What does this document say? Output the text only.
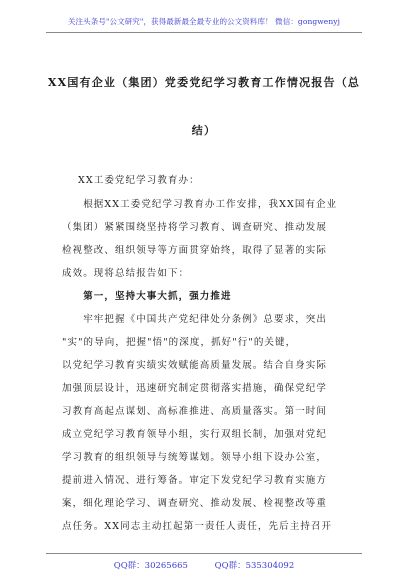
关注头条号"公文研究"，获得最新最全最专业的公文资料库！ 微信：gongwenyj
XX国有企业（集团）党委党纪学习教育工作情况报告（总
结）
XX工委党纪学习教育办：
　　根据XX工委党纪学习教育办工作安排，我XX国有企业
（集团）紧紧围绕坚持将学习教育、调查研究、推动发展
检视整改、组织领导等方面贯穿始终，取得了显著的实际
成效。现将总结报告如下：
　　第一，坚持大事大抓，强力推进
　　牢牢把握《中国共产党纪律处分条例》总要求，突出
"实"的导向，把握"悟"的深度，抓好"行"的关键，
以党纪学习教育实绩实效赋能高质量发展。结合自身实际
加强顶层设计，迅速研究制定贯彻落实措施，确保党纪学
习教育高起点谋划、高标准推进、高质量落实。第一时间
成立党纪学习教育领导小组，实行双组长制，加强对党纪
学习教育的组织领导与统筹谋划。领导小组下设办公室，
提前进入情况、进行筹备。审定下发党纪学习教育实施方
案，细化理论学习、调查研究、推动发展、检视整改等重
点任务。XX同志主动扛起第一责任人责任，先后主持召开
QQ群：30265665	QQ群：535304092
